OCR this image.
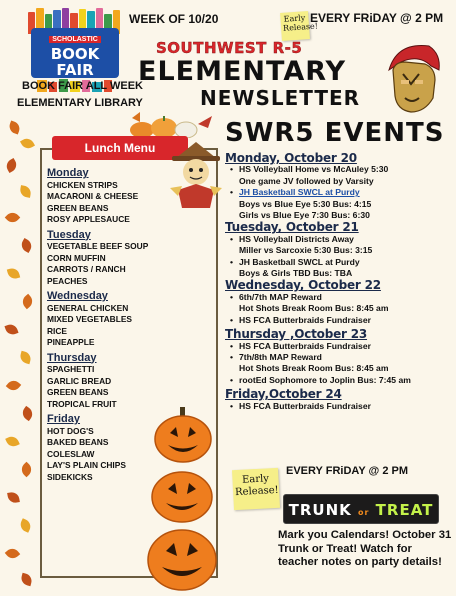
SCHOLASTIC
BOOK FAIR
WEEK OF 10/20	Early Release!
EVERY FRiDAY @ 2 PM
SOUTHWEST R-5
ELEMENTARY
NEWSLETTER
BOOK FAIR ALL WEEK
ELEMENTARY LIBRARY
Lunch Menu
Monday
CHICKEN STRIPS
MACARONI & CHEESE
GREEN BEANS
ROSY APPLESAUCE
Tuesday
VEGETABLE BEEF SOUP
CORN MUFFIN
CARROTS / RANCH
PEACHES
Wednesday
GENERAL CHICKEN
MIXED VEGETABLES
RICE
PINEAPPLE
Thursday
SPAGHETTI
GARLIC BREAD
GREEN BEANS
TROPICAL FRUIT
Friday
HOT DOG'S
BAKED BEANS
COLESLAW
LAY'S PLAIN CHIPS
SIDEKICKS
SWR5 EVENTS
Monday, October 20
• HS Volleyball Home vs McAuley 5:30
One game JV followed by Varsity
• JH Basketball SWCL at Purdy
Boys vs Blue Eye 5:30 Bus: 4:15
Girls vs Blue Eye 7:30 Bus: 6:30
Tuesday, October 21
• HS Volleyball Districts Away
Miller vs Sarcoxie 5:30 Bus: 3:15
• JH Basketball SWCL at Purdy
Boys & Girls TBD Bus: TBA
Wednesday, October 22
• 6th/7th MAP Reward
Hot Shots Break Room Bus: 8:45 am
• HS FCA Butterbraids Fundraiser
Thursday ,October 23
• HS FCA Butterbraids Fundraiser
• 7th/8th MAP Reward
Hot Shots Break Room Bus: 8:45 am
• rootEd Sophomore to Joplin Bus: 7:45 am
Friday,October 24
• HS FCA Butterbraids Fundraiser
EVERY FRiDAY @ 2 PM
Early Release!
TRUNK or TREAT
Mark you Calendars! October 31 Trunk or Treat! Watch for teacher notes on party details!
